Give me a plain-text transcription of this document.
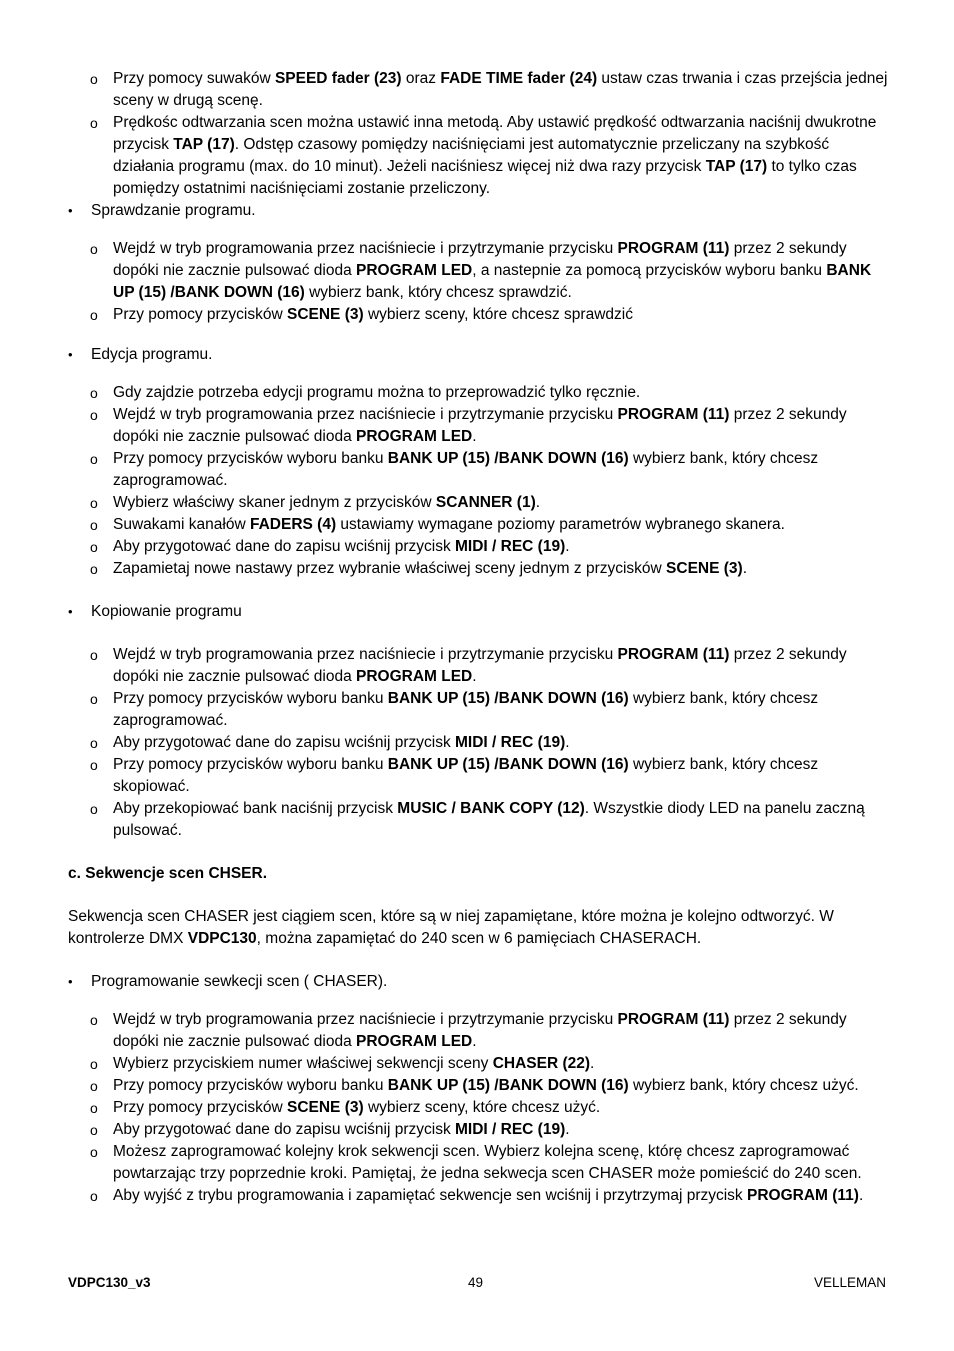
o Przy pomocy suwaków SPEED fader (23) oraz FADE TIME fader (24) ustaw czas trwania i czas przejścia jednej sceny w drugą scenę.
o Prędkośc odtwarzania scen można ustawić inna metodą. Aby ustawić prędkość odtwarzania naciśnij dwukrotne przycisk TAP (17). Odstęp czasowy pomiędzy naciśnięciami jest automatycznie przeliczany na szybkość działania programu (max. do 10 minut). Jeżeli naciśniesz więcej niż dwa razy przycisk TAP (17) to tylko czas pomiędzy ostatnimi naciśnięciami zostanie przeliczony.
• Sprawdzanie programu.
o Wejdź w tryb programowania przez naciśniecie i przytrzymanie przycisku PROGRAM (11) przez 2 sekundy dopóki nie zacznie pulsować dioda PROGRAM LED, a nastepnie za pomocą przycisków wyboru banku BANK UP (15) /BANK DOWN (16) wybierz bank, który chcesz sprawdzić.
o Przy pomocy przycisków SCENE (3) wybierz sceny, które chcesz sprawdzić
• Edycja programu.
o Gdy zajdzie potrzeba edycji programu można to przeprowadzić tylko ręcznie.
o Wejdź w tryb programowania przez naciśniecie i przytrzymanie przycisku PROGRAM (11) przez 2 sekundy dopóki nie zacznie pulsować dioda PROGRAM LED.
o Przy pomocy przycisków wyboru banku BANK UP (15) /BANK DOWN (16) wybierz bank, który chcesz zaprogramować.
o Wybierz właściwy skaner jednym z przycisków SCANNER (1).
o Suwakami kanałów FADERS (4) ustawiamy wymagane poziomy parametrów wybranego skanera.
o Aby przygotować dane do zapisu wciśnij przycisk MIDI / REC (19).
o Zapamietaj nowe nastawy przez wybranie właściwej sceny jednym z przycisków SCENE (3).
• Kopiowanie programu
o Wejdź w tryb programowania przez naciśniecie i przytrzymanie przycisku PROGRAM (11) przez 2 sekundy dopóki nie zacznie pulsować dioda PROGRAM LED.
o Przy pomocy przycisków wyboru banku BANK UP (15) /BANK DOWN (16) wybierz bank, który chcesz zaprogramować.
o Aby przygotować dane do zapisu wciśnij przycisk MIDI / REC (19).
o Przy pomocy przycisków wyboru banku BANK UP (15) /BANK DOWN (16) wybierz bank, który chcesz skopiować.
o Aby przekopiować bank naciśnij przycisk MUSIC / BANK COPY (12). Wszystkie diody LED na panelu zaczną pulsować.
c. Sekwencje scen CHSER.
Sekwencja scen CHASER jest ciągiem scen, które są w niej zapamiętane, które można je kolejno odtworzyć. W kontrolerze DMX VDPC130, można zapamiętać do 240 scen w 6 pamięciach CHASERACH.
• Programowanie sewkecji scen ( CHASER).
o Wejdź w tryb programowania przez naciśniecie i przytrzymanie przycisku PROGRAM (11) przez 2 sekundy dopóki nie zacznie pulsować dioda PROGRAM LED.
o Wybierz przyciskiem numer właściwej sekwencji sceny CHASER (22).
o Przy pomocy przycisków wyboru banku BANK UP (15) /BANK DOWN (16) wybierz bank, który chcesz użyć.
o Przy pomocy przycisków SCENE (3) wybierz sceny, które chcesz użyć.
o Aby przygotować dane do zapisu wciśnij przycisk MIDI / REC (19).
o Możesz zaprogramować kolejny krok sekwencji scen. Wybierz kolejna scenę, którę chcesz zaprogramować powtarzając trzy poprzednie kroki. Pamiętaj, że jedna sekwecja scen CHASER może pomieścić do 240 scen.
o Aby wyjść z trybu programowania i zapamiętać sekwencje sen wciśnij i przytrzymaj przycisk PROGRAM (11).
VDPC130_v3	49	VELLEMAN
